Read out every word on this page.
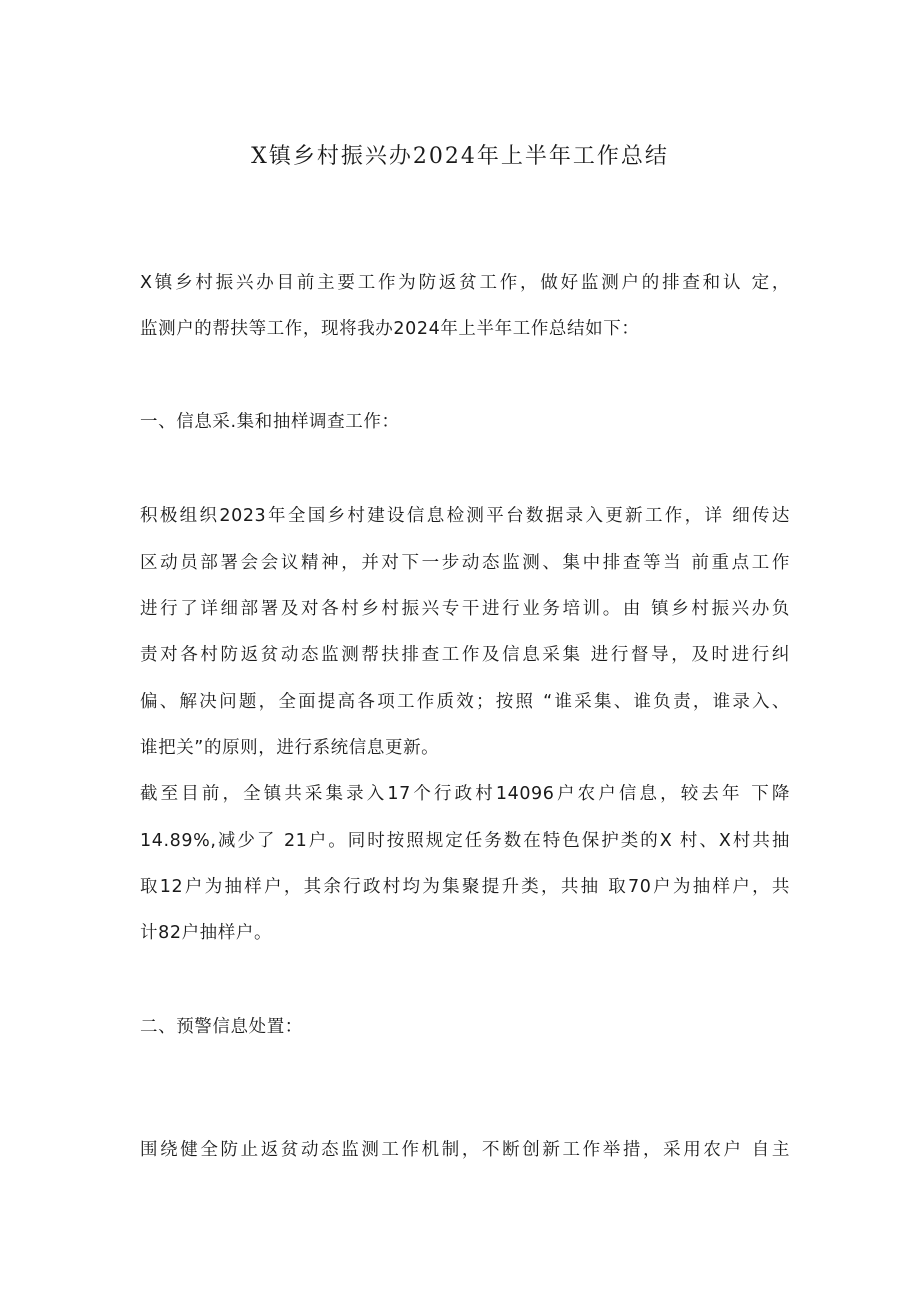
X镇乡村振兴办2024年上半年工作总结
X镇乡村振兴办目前主要工作为防返贫工作，做好监测户的排查和认 定，
监测户的帮扶等工作，现将我办2024年上半年工作总结如下：
一、信息采.集和抽样调查工作：
积极组织2023年全国乡村建设信息检测平台数据录入更新工作，详 细传达
区动员部署会会议精神，并对下一步动态监测、集中排查等当 前重点工作
进行了详细部署及对各村乡村振兴专干进行业务培训。由 镇乡村振兴办负
责对各村防返贫动态监测帮扶排查工作及信息采集 进行督导，及时进行纠
偏、解决问题，全面提高各项工作质效；按照 “谁采集、谁负责，谁录入、
谁把关”的原则，进行系统信息更新。
截至目前，全镇共采集录入17个行政村14096户农户信息，较去年 下降
14.89%,减少了 21户。同时按照规定任务数在特色保护类的X 村、X村共抽
取12户为抽样户，其余行政村均为集聚提升类，共抽 取70户为抽样户，共
计82户抽样户。
二、预警信息处置：
围绕健全防止返贫动态监测工作机制，不断创新工作举措，采用农户 自主
